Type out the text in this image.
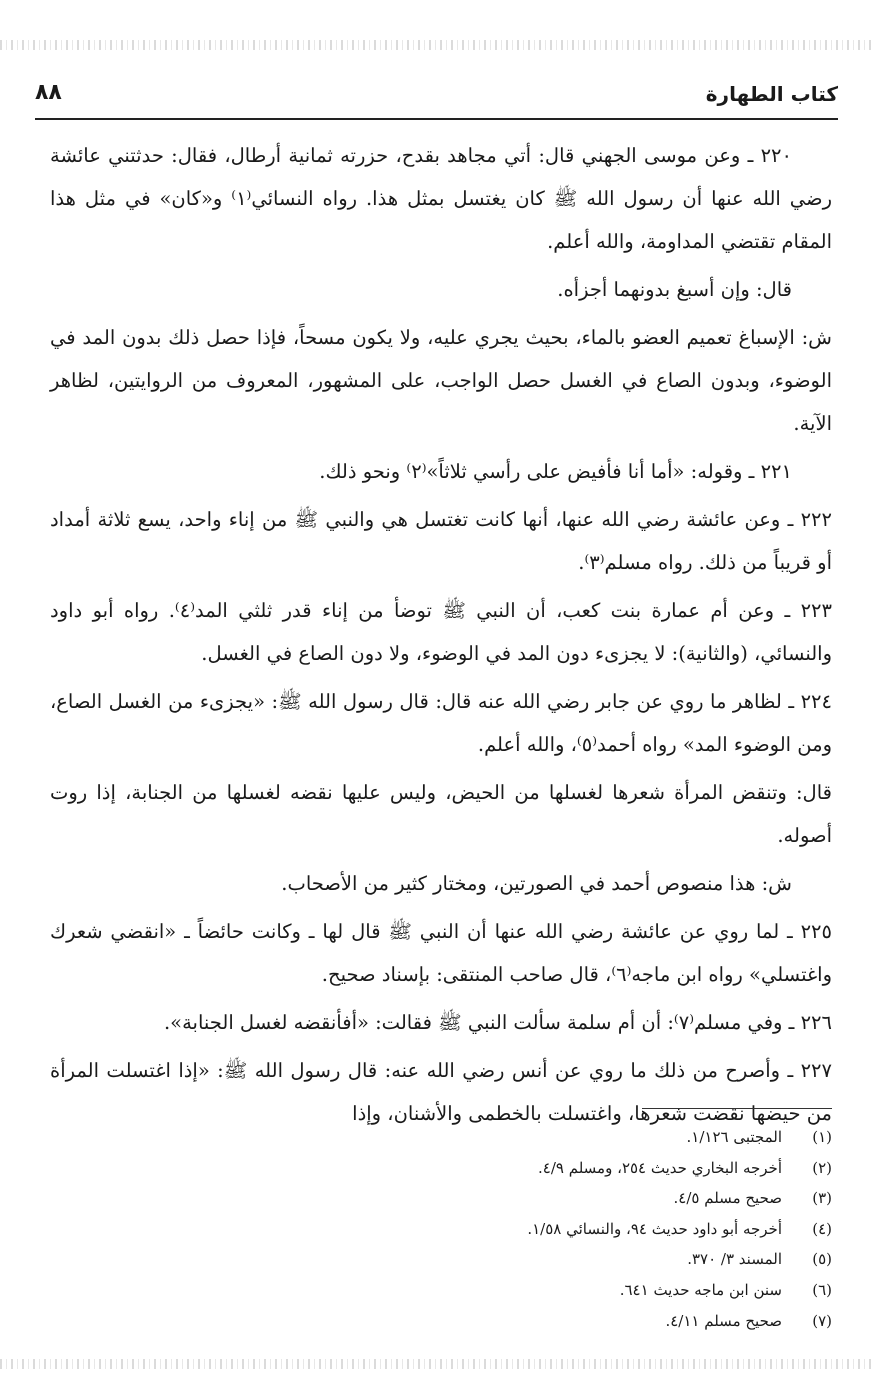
كتاب الطهارة
٨٨

٢٢٠ ـ وعن موسى الجهني قال: أتي مجاهد بقدح، حزرته ثمانية أرطال، فقال: حدثتني عائشة رضي الله عنها أن رسول الله ﷺ كان يغتسل بمثل هذا. رواه النسائي⁽١⁾ و«كان» في مثل هذا المقام تقتضي المداومة، والله أعلم.

قال: وإن أسبغ بدونهما أجزأه.

ش: الإسباغ تعميم العضو بالماء، بحيث يجري عليه، ولا يكون مسحاً، فإذا حصل ذلك بدون المد في الوضوء، وبدون الصاع في الغسل حصل الواجب، على المشهور، المعروف من الروايتين، لظاهر الآية.

٢٢١ ـ وقوله: «أما أنا فأفيض على رأسي ثلاثاً»⁽٢⁾ ونحو ذلك.

٢٢٢ ـ وعن عائشة رضي الله عنها، أنها كانت تغتسل هي والنبي ﷺ من إناء واحد، يسع ثلاثة أمداد أو قريباً من ذلك. رواه مسلم⁽٣⁾.

٢٢٣ ـ وعن أم عمارة بنت كعب، أن النبي ﷺ توضأ من إناء قدر ثلثي المد⁽٤⁾. رواه أبو داود والنسائي، (والثانية): لا يجزىء دون المد في الوضوء، ولا دون الصاع في الغسل.

٢٢٤ ـ لظاهر ما روي عن جابر رضي الله عنه قال: قال رسول الله ﷺ: «يجزىء من الغسل الصاع، ومن الوضوء المد» رواه أحمد⁽٥⁾، والله أعلم.

قال: وتنقض المرأة شعرها لغسلها من الحيض، وليس عليها نقضه لغسلها من الجنابة، إذا روت أصوله.

ش: هذا منصوص أحمد في الصورتين، ومختار كثير من الأصحاب.

٢٢٥ ـ لما روي عن عائشة رضي الله عنها أن النبي ﷺ قال لها ـ وكانت حائضاً ـ «انقضي شعرك واغتسلي» رواه ابن ماجه⁽٦⁾، قال صاحب المنتقى: بإسناد صحيح.

٢٢٦ ـ وفي مسلم⁽٧⁾: أن أم سلمة سألت النبي ﷺ فقالت: «أفأنقضه لغسل الجنابة».

٢٢٧ ـ وأصرح من ذلك ما روي عن أنس رضي الله عنه: قال رسول الله ﷺ: «إذا اغتسلت المرأة من حيضها نقضت شعرها، واغتسلت بالخطمى والأشنان، وإذا

(١)
المجتبى ١/١٢٦.
(٢)
أخرجه البخاري حديث ٢٥٤، ومسلم ٤/٩.
(٣)
صحيح مسلم ٤/٥.
(٤)
أخرجه أبو داود حديث ٩٤، والنسائي ١/٥٨.
(٥)
المسند ٣/ ٣٧٠.
(٦)
سنن ابن ماجه حديث ٦٤١.
(٧)
صحيح مسلم ٤/١١.
